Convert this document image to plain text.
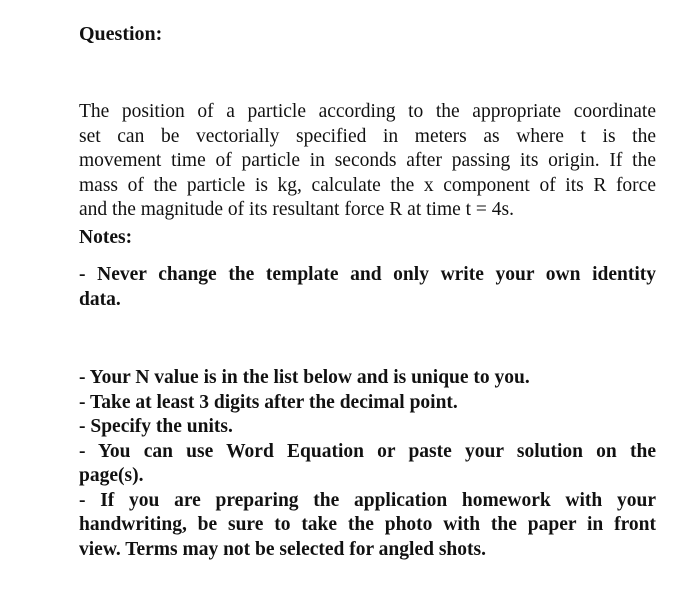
Question:
The position of a particle according to the appropriate coordinate
set can be vectorially specified in meters as where t is the
movement time of particle in seconds after passing its origin. If the
mass of the particle is kg, calculate the x component of its R force
and the magnitude of its resultant force R at time t = 4s.
Notes:
- Never change the template and only write your own identity
data.
- Your N value is in the list below and is unique to you.
- Take at least 3 digits after the decimal point.
- Specify the units.
- You can use Word Equation or paste your solution on the
page(s).
- If you are preparing the application homework with your
handwriting, be sure to take the photo with the paper in front
view. Terms may not be selected for angled shots.
